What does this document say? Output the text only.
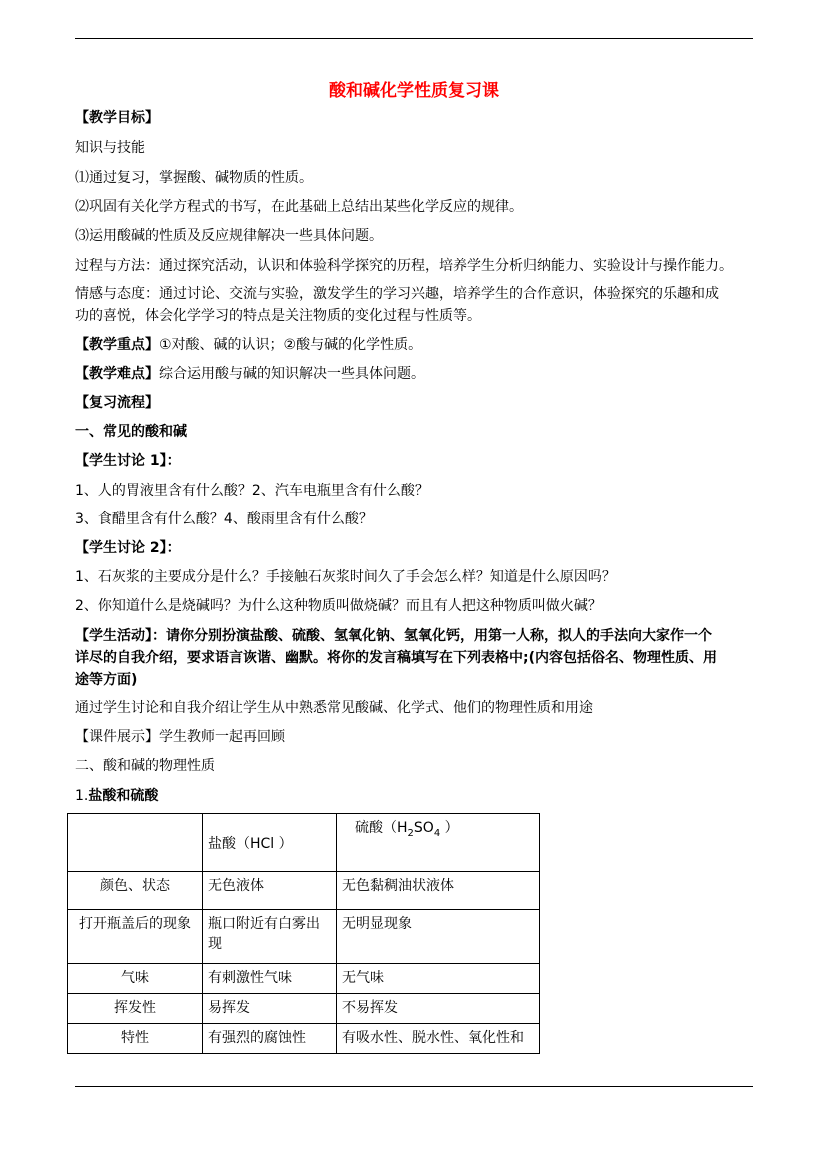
酸和碱化学性质复习课
【教学目标】
知识与技能
⑴通过复习，掌握酸、碱物质的性质。
⑵巩固有关化学方程式的书写，在此基础上总结出某些化学反应的规律。
⑶运用酸碱的性质及反应规律解决一些具体问题。
过程与方法：通过探究活动，认识和体验科学探究的历程，培养学生分析归纳能力、实验设计与操作能力。
情感与态度：通过讨论、交流与实验，激发学生的学习兴趣，培养学生的合作意识，体验探究的乐趣和成
功的喜悦，体会化学学习的特点是关注物质的变化过程与性质等。
【教学重点】①对酸、碱的认识；②酸与碱的化学性质。
【教学难点】综合运用酸与碱的知识解决一些具体问题。
【复习流程】
一、常见的酸和碱
【学生讨论 1】：
1、人的胃液里含有什么酸？2、汽车电瓶里含有什么酸？
3、食醋里含有什么酸？4、酸雨里含有什么酸？
【学生讨论 2】：
1、石灰浆的主要成分是什么？手接触石灰浆时间久了手会怎么样？知道是什么原因吗？
2、你知道什么是烧碱吗？为什么这种物质叫做烧碱？而且有人把这种物质叫做火碱？
【学生活动】：请你分别扮演盐酸、硫酸、氢氧化钠、氢氧化钙，用第一人称，拟人的手法向大家作一个
详尽的自我介绍，要求语言诙谐、幽默。将你的发言稿填写在下列表格中;(内容包括俗名、物理性质、用
途等方面)
通过学生讨论和自我介绍让学生从中熟悉常见酸碱、化学式、他们的物理性质和用途
【课件展示】学生教师一起再回顾
二、酸和碱的物理性质
1.盐酸和硫酸
	盐酸（HCl ）	硫酸（$H_2SO_4$ ）
颜色、状态	无色液体	无色黏稠油状液体
打开瓶盖后的现象	瓶口附近有白雾出现	无明显现象
气味	有刺激性气味	无气味
挥发性	易挥发	不易挥发
特性	有强烈的腐蚀性	有吸水性、脱水性、氧化性和
